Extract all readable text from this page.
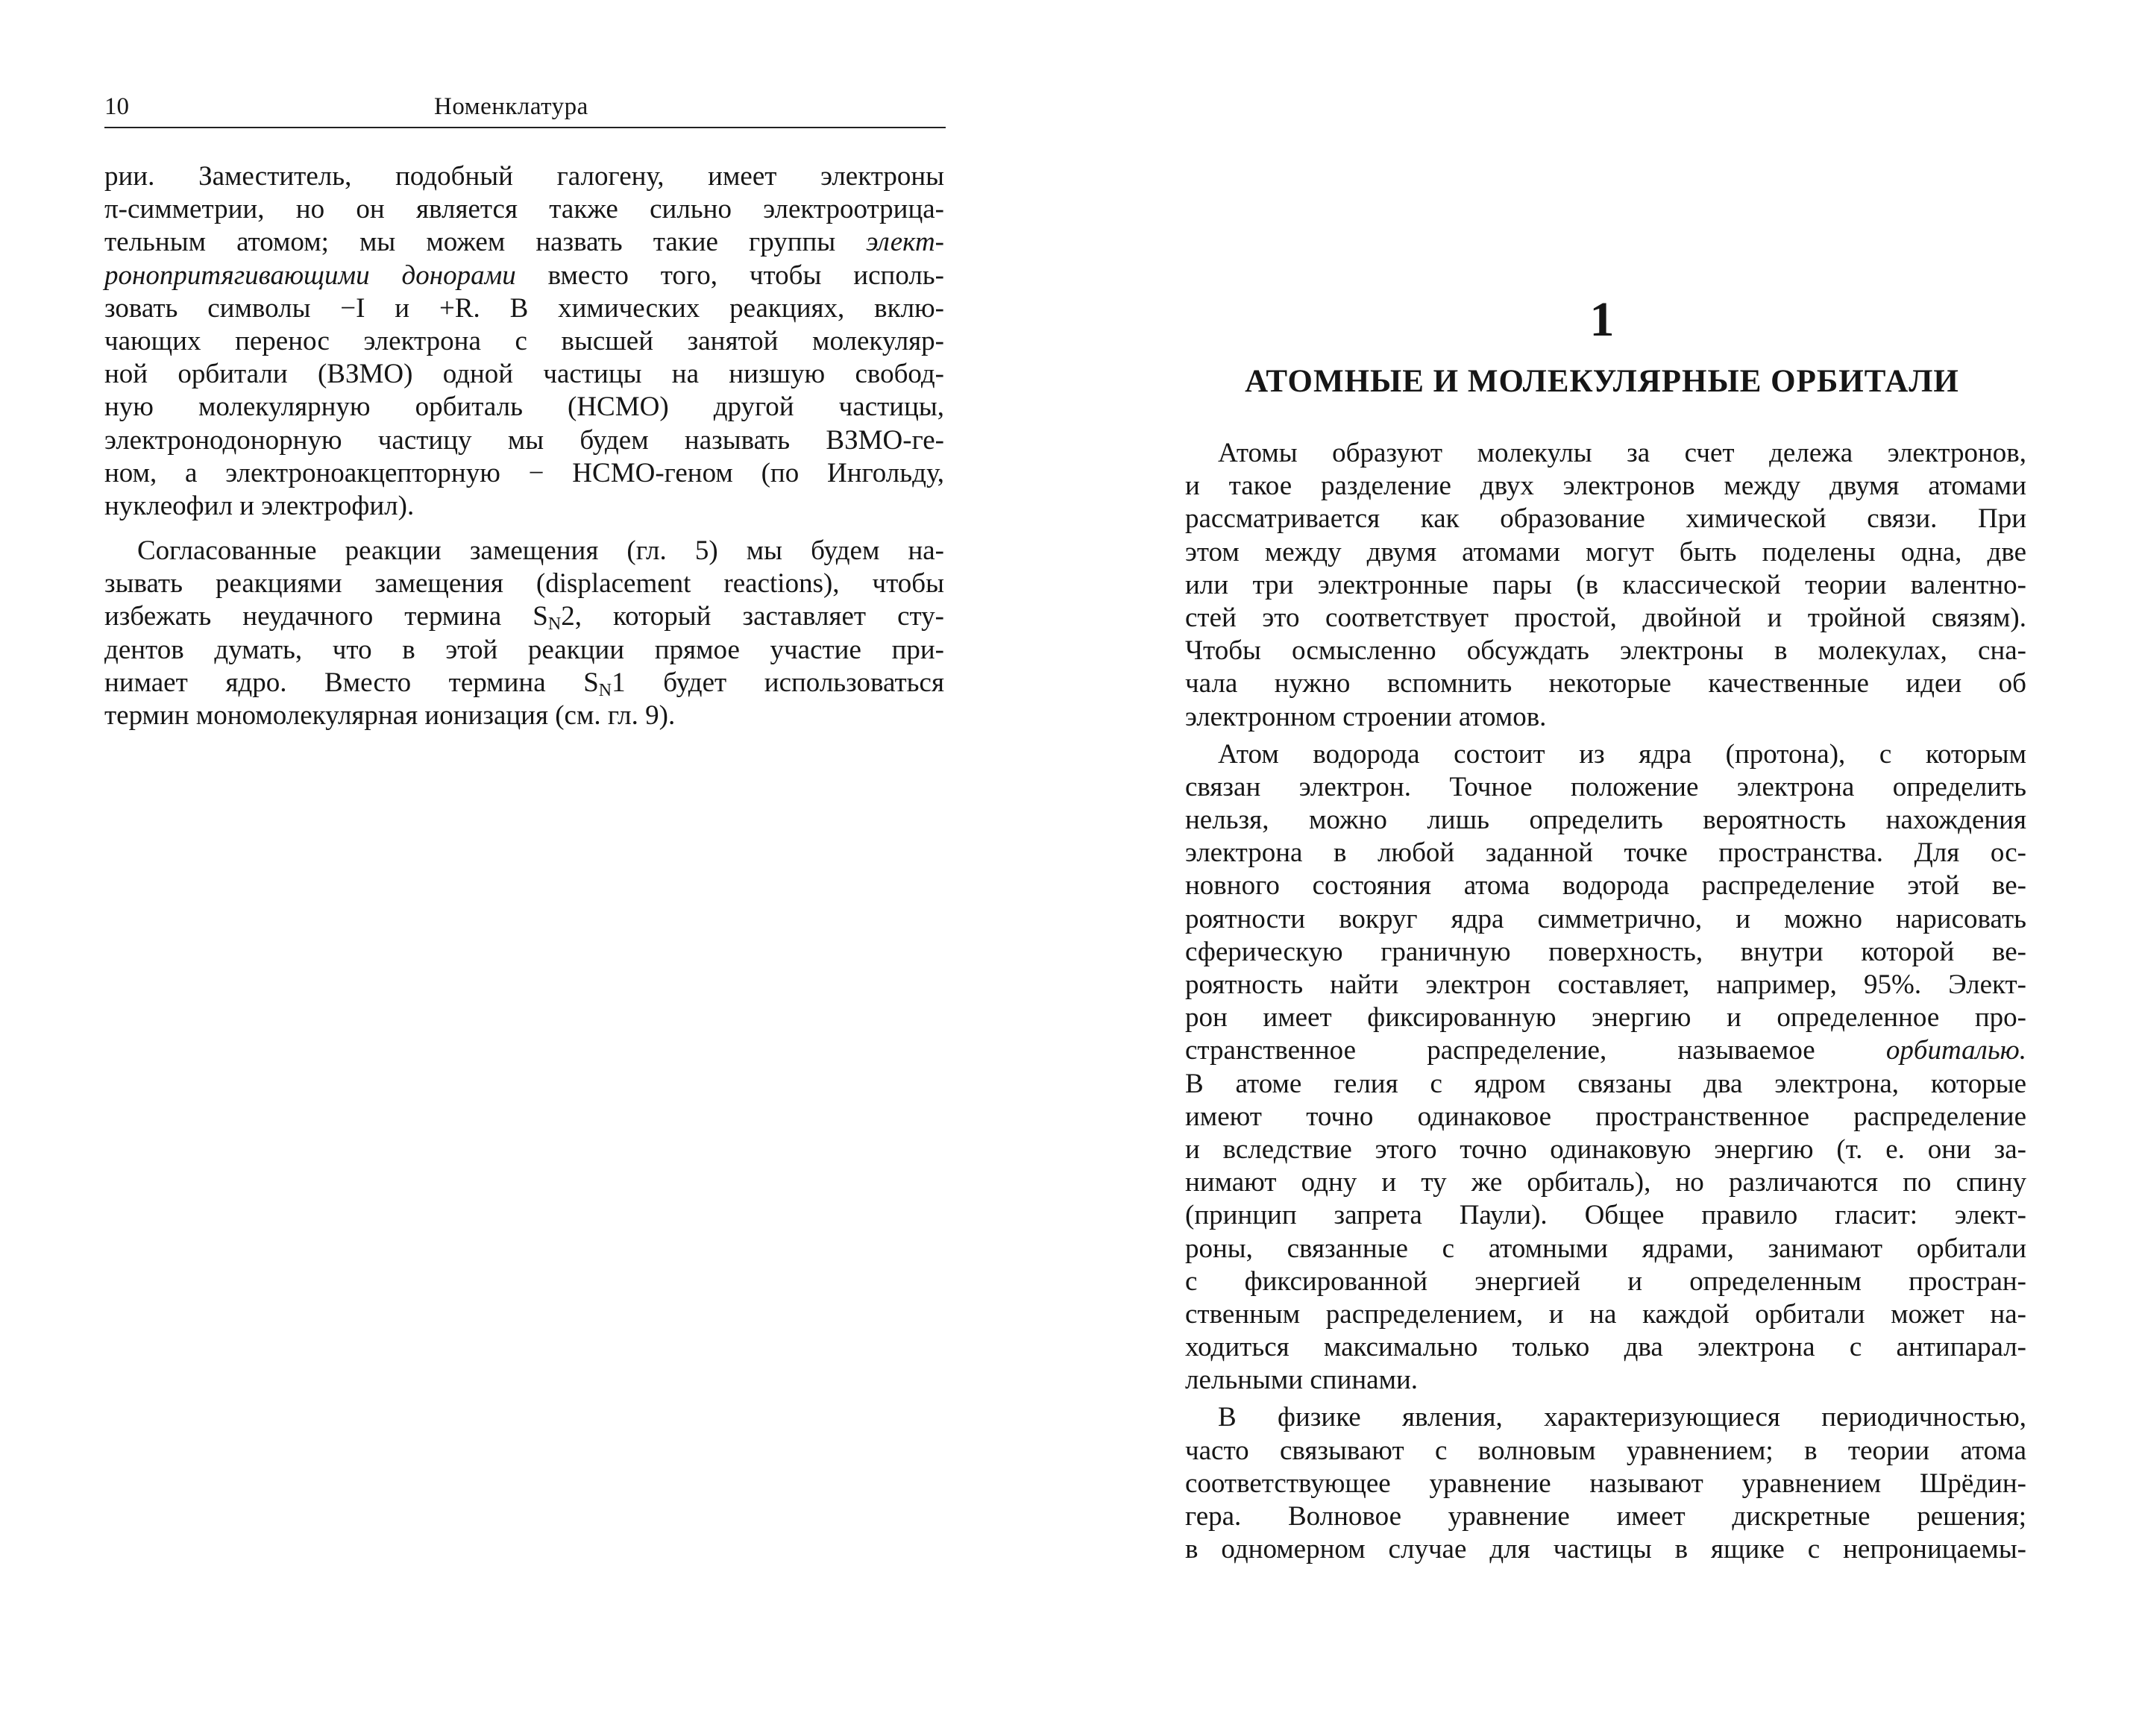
10	Номенклатура
рии. Заместитель, подобный галогену, имеет электроны
π-симметрии, но он является также сильно электроотрица-
тельным атомом; мы можем назвать такие группы элект-
ронопритягивающими донорами вместо того, чтобы исполь-
зовать символы −I и +R. В химических реакциях, вклю-
чающих перенос электрона с высшей занятой молекуляр-
ной орбитали (ВЗМО) одной частицы на низшую свобод-
ную молекулярную орбиталь (НСМО) другой частицы,
электронодонорную частицу мы будем называть ВЗМО-ге-
ном, а электроноакцепторную − НСМО-геном (по Ингольду,
нуклеофил и электрофил).
Согласованные реакции замещения (гл. 5) мы будем на-
зывать реакциями замещения (displacement reactions), чтобы
избежать неудачного термина $S_N2$, который заставляет сту-
дентов думать, что в этой реакции прямое участие при-
нимает ядро. Вместо термина $S_N1$ будет использоваться
термин мономолекулярная ионизация (см. гл. 9).
1
АТОМНЫЕ И МОЛЕКУЛЯРНЫЕ ОРБИТАЛИ
Атомы образуют молекулы за счет дележа электронов,
и такое разделение двух электронов между двумя атомами
рассматривается как образование химической связи. При
этом между двумя атомами могут быть поделены одна, две
или три электронные пары (в классической теории валентно-
стей это соответствует простой, двойной и тройной связям).
Чтобы осмысленно обсуждать электроны в молекулах, сна-
чала нужно вспомнить некоторые качественные идеи об
электронном строении атомов.
Атом водорода состоит из ядра (протона), с которым
связан электрон. Точное положение электрона определить
нельзя, можно лишь определить вероятность нахождения
электрона в любой заданной точке пространства. Для ос-
новного состояния атома водорода распределение этой ве-
роятности вокруг ядра симметрично, и можно нарисовать
сферическую граничную поверхность, внутри которой ве-
роятность найти электрон составляет, например, 95%. Элект-
рон имеет фиксированную энергию и определенное про-
странственное распределение, называемое орбиталью.
В атоме гелия с ядром связаны два электрона, которые
имеют точно одинаковое пространственное распределение
и вследствие этого точно одинаковую энергию (т. е. они за-
нимают одну и ту же орбиталь), но различаются по спину
(принцип запрета Паули). Общее правило гласит: элект-
роны, связанные с атомными ядрами, занимают орбитали
с фиксированной энергией и определенным простран-
ственным распределением, и на каждой орбитали может на-
ходиться максимально только два электрона с антипарал-
лельными спинами.
В физике явления, характеризующиеся периодичностью,
часто связывают с волновым уравнением; в теории атома
соответствующее уравнение называют уравнением Шрёдин-
гера. Волновое уравнение имеет дискретные решения;
в одномерном случае для частицы в ящике с непроницаемы-
